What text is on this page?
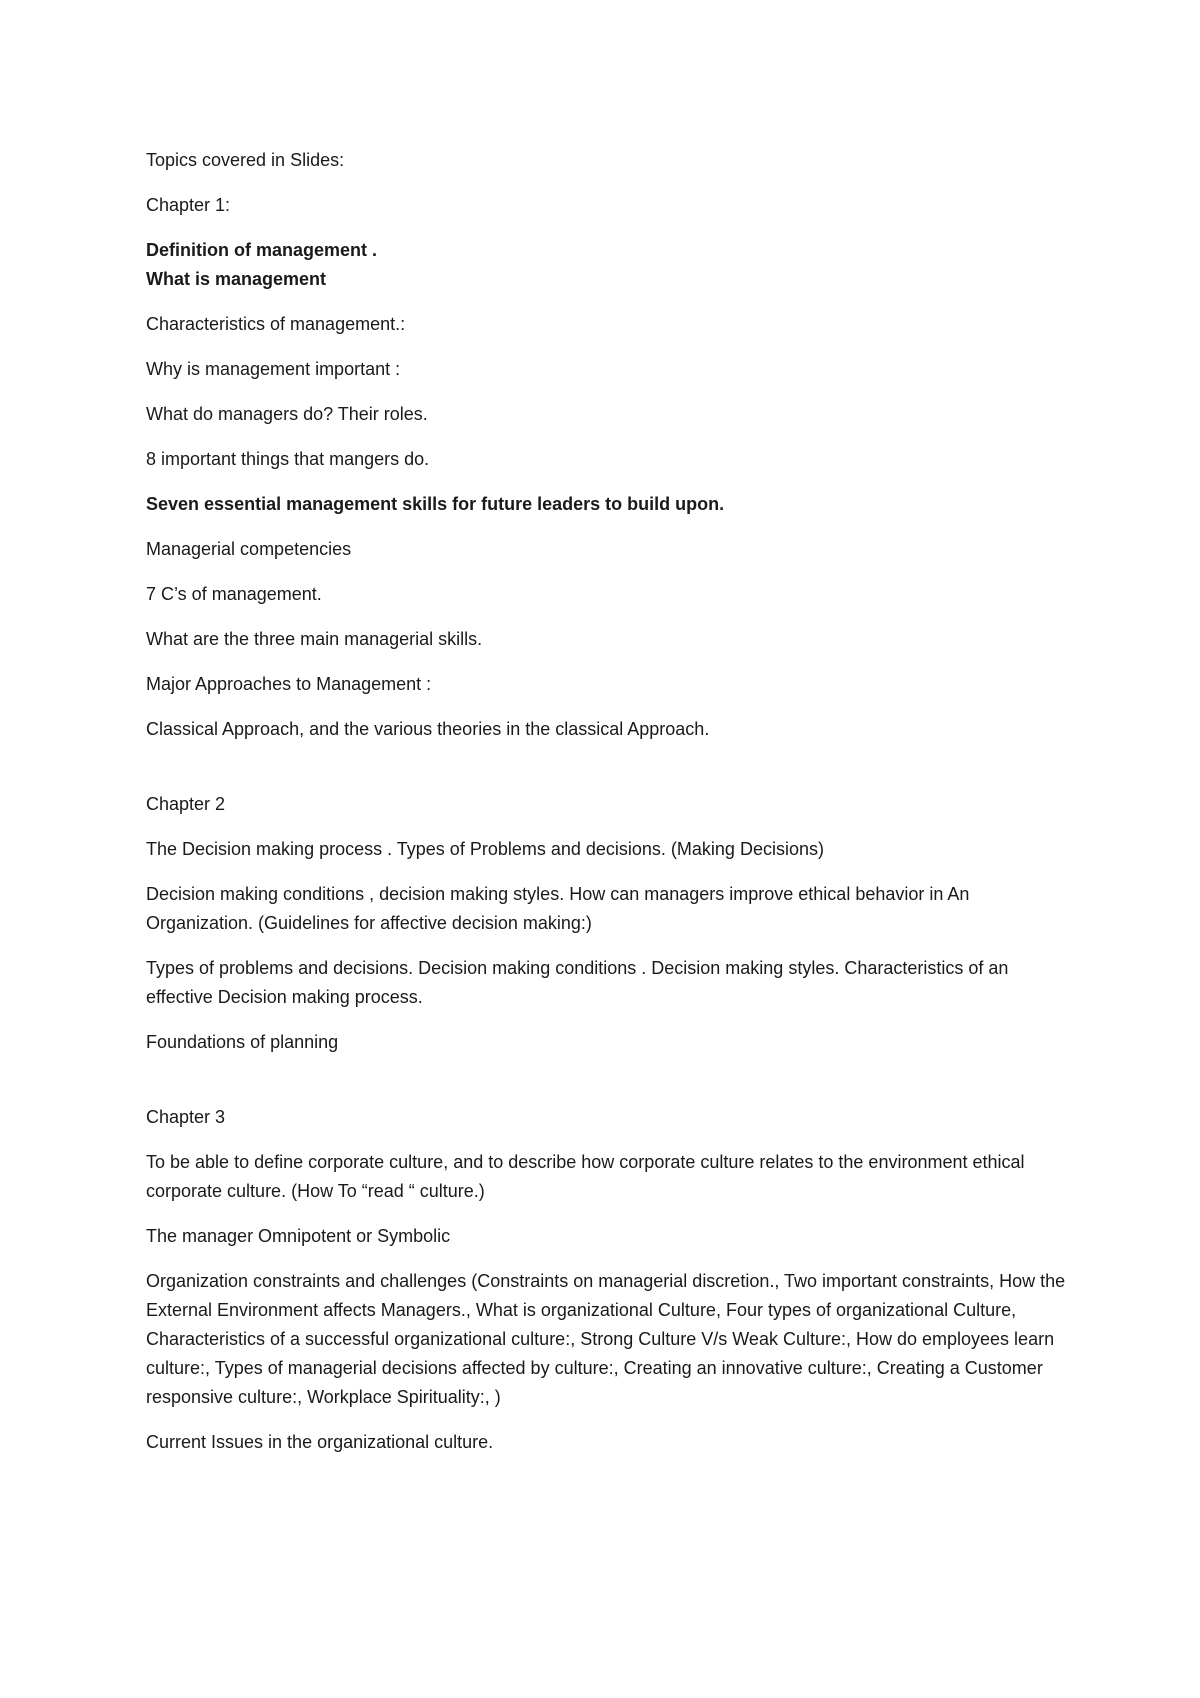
Topics covered in Slides:

Chapter 1:

Definition of management .
What is management

Characteristics of management.:

Why is management important :

What do managers do? Their roles.

8 important things that mangers do.

Seven essential management skills for future leaders to build upon.

Managerial competencies

7 C’s of management.

What are the three main managerial skills.

Major Approaches to Management :

Classical Approach, and the various theories in the classical Approach.

Chapter 2

The Decision making process . Types of Problems and decisions. (Making Decisions)

Decision making conditions , decision making styles. How can managers improve ethical behavior in An Organization. (Guidelines for affective decision making:)

Types of problems and decisions. Decision making conditions . Decision making styles. Characteristics of an effective Decision making process.

Foundations of planning

Chapter 3

To be able to define corporate culture, and to describe how corporate culture relates to the environment ethical corporate culture. (How To “read “ culture.)

The manager Omnipotent or Symbolic

Organization constraints and challenges (Constraints on managerial discretion., Two important constraints, How the External Environment affects Managers., What is organizational Culture, Four types of organizational Culture, Characteristics of a successful organizational culture:, Strong Culture V/s Weak Culture:, How do employees learn culture:, Types of managerial decisions affected by culture:, Creating an innovative culture:, Creating a Customer responsive culture:, Workplace Spirituality:, )

Current Issues in the organizational culture.
